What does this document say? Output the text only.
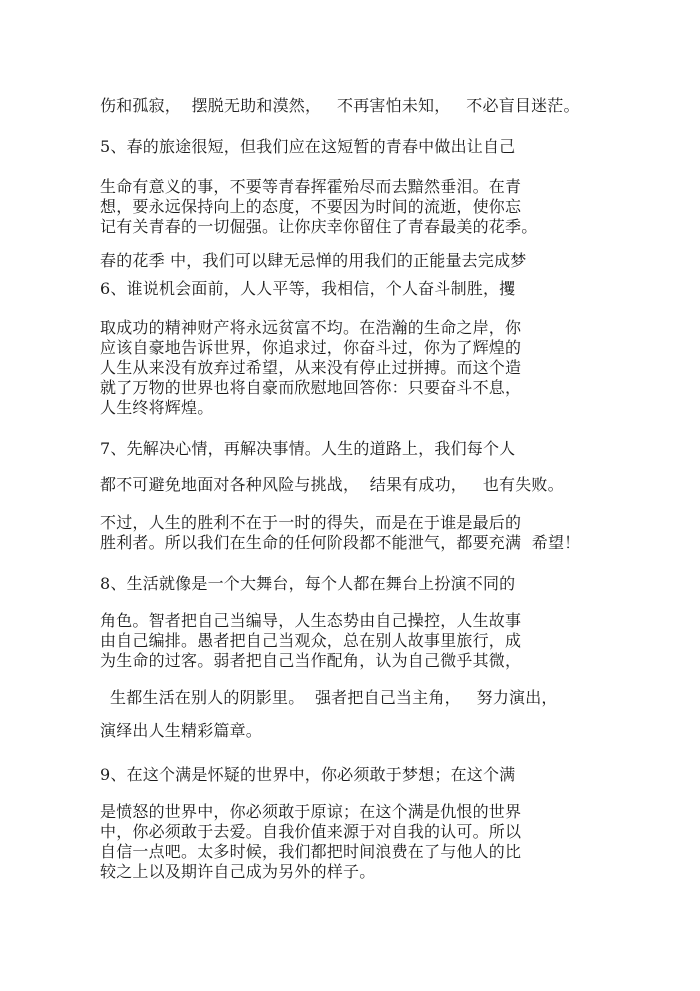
伤和孤寂，  摆脱无助和漠然，   不再害怕未知，   不必盲目迷茫。
5、春的旅途很短，但我们应在这短暂的青春中做出让自己
生命有意义的事，不要等青春挥霍殆尽而去黯然垂泪。在青
想，要永远保持向上的态度，不要因为时间的流逝，使你忘
记有关青春的一切倔强。让你庆幸你留住了青春最美的花季。
春的花季 中，我们可以肆无忌惮的用我们的正能量去完成梦
6、谁说机会面前，人人平等，我相信，个人奋斗制胜，攫
取成功的精神财产将永远贫富不均。在浩瀚的生命之岸，你
应该自豪地告诉世界，你追求过，你奋斗过，你为了辉煌的
人生从来没有放弃过希望，从来没有停止过拼搏。而这个造
就了万物的世界也将自豪而欣慰地回答你：只要奋斗不息，
人生终将辉煌。
7、先解决心情，再解决事情。人生的道路上，我们每个人
都不可避免地面对各种风险与挑战，  结果有成功，   也有失败。
不过，人生的胜利不在于一时的得失，而是在于谁是最后的
胜利者。所以我们在生命的任何阶段都不能泄气，都要充满  希望！
8、生活就像是一个大舞台，每个人都在舞台上扮演不同的
角色。智者把自己当编导，人生态势由自己操控，人生故事
由自己编排。愚者把自己当观众，总在别人故事里旅行，成
为生命的过客。弱者把自己当作配角，认为自己微乎其微，
生都生活在别人的阴影里。  强者把自己当主角，   努力演出，
演绎出人生精彩篇章。
9、在这个满是怀疑的世界中，你必须敢于梦想；在这个满
是愤怒的世界中，你必须敢于原谅；在这个满是仇恨的世界
中，你必须敢于去爱。自我价值来源于对自我的认可。所以
自信一点吧。太多时候，我们都把时间浪费在了与他人的比
较之上以及期许自己成为另外的样子。
